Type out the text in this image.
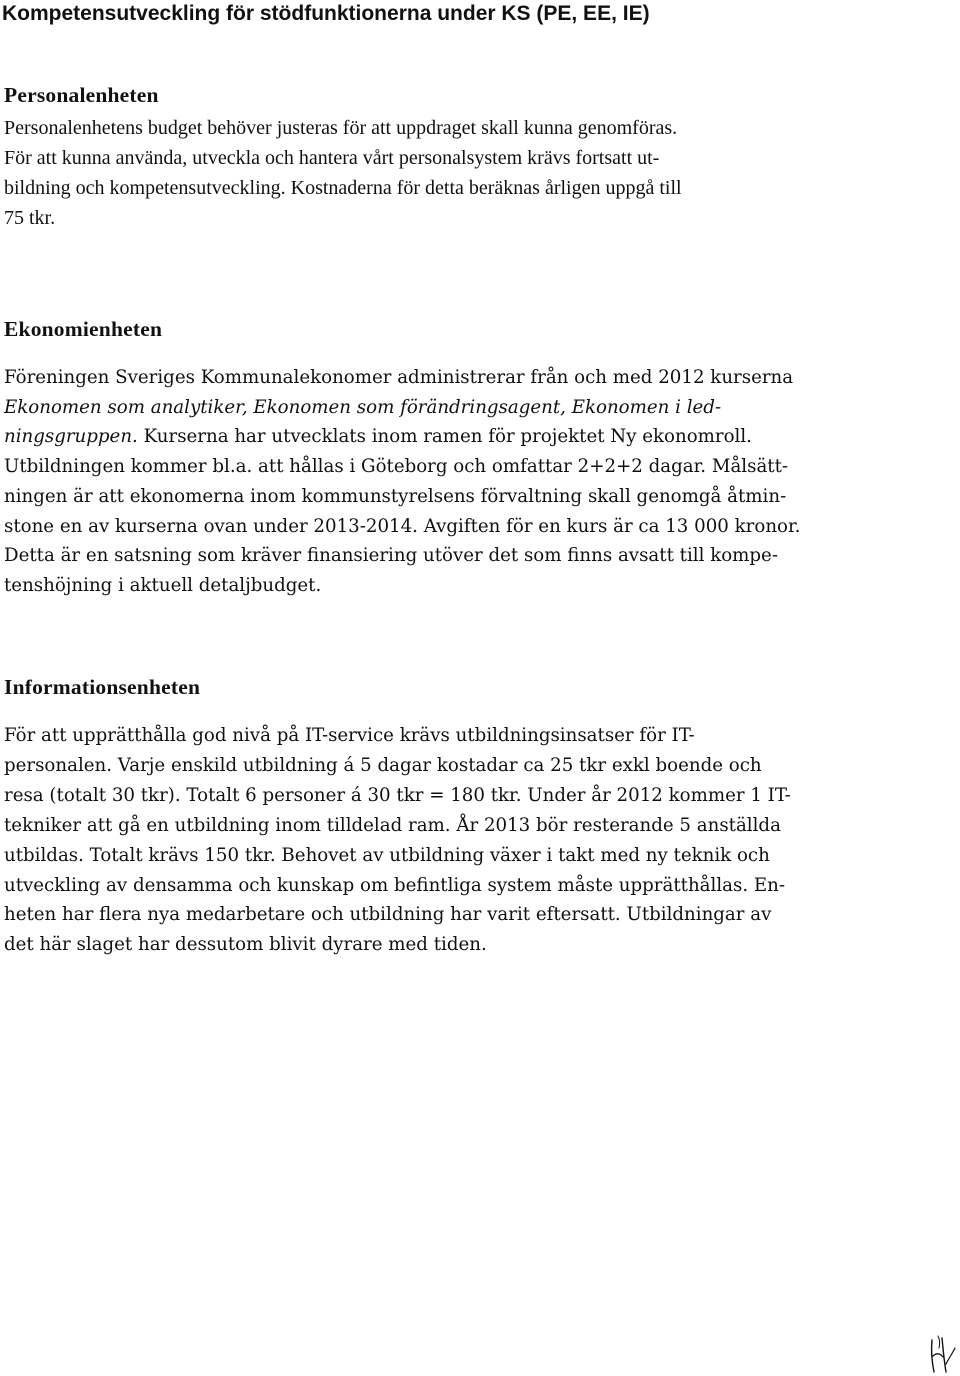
Kompetensutveckling för stödfunktionerna under KS (PE, EE, IE)
Personalenheten
Personalenhetens budget behöver justeras för att uppdraget skall kunna genomföras.
För att kunna använda, utveckla och hantera vårt personalsystem krävs fortsatt ut-
bildning och kompetensutveckling. Kostnaderna för detta beräknas årligen uppgå till
75 tkr.
Ekonomienheten
Föreningen Sveriges Kommunalekonomer administrerar från och med 2012 kurserna
Ekonomen som analytiker, Ekonomen som förändringsagent, Ekonomen i led-
ningsgruppen. Kurserna har utvecklats inom ramen för projektet Ny ekonomroll.
Utbildningen kommer bl.a. att hållas i Göteborg och omfattar 2+2+2 dagar. Målsätt-
ningen är att ekonomerna inom kommunstyrelsens förvaltning skall genomgå åtmin-
stone en av kurserna ovan under 2013-2014. Avgiften för en kurs är ca 13 000 kronor.
Detta är en satsning som kräver finansiering utöver det som finns avsatt till kompe-
tenshöjning i aktuell detaljbudget.
Informationsenheten
För att upprätthålla god nivå på IT-service krävs utbildningsinsatser för IT-
personalen. Varje enskild utbildning á 5 dagar kostadar ca 25 tkr exkl boende och
resa (totalt 30 tkr). Totalt 6 personer á 30 tkr = 180 tkr. Under år 2012 kommer 1 IT-
tekniker att gå en utbildning inom tilldelad ram. År 2013 bör resterande 5 anställda
utbildas. Totalt krävs 150 tkr. Behovet av utbildning växer i takt med ny teknik och
utveckling av densamma och kunskap om befintliga system måste upprätthållas. En-
heten har flera nya medarbetare och utbildning har varit eftersatt. Utbildningar av
det här slaget har dessutom blivit dyrare med tiden.
